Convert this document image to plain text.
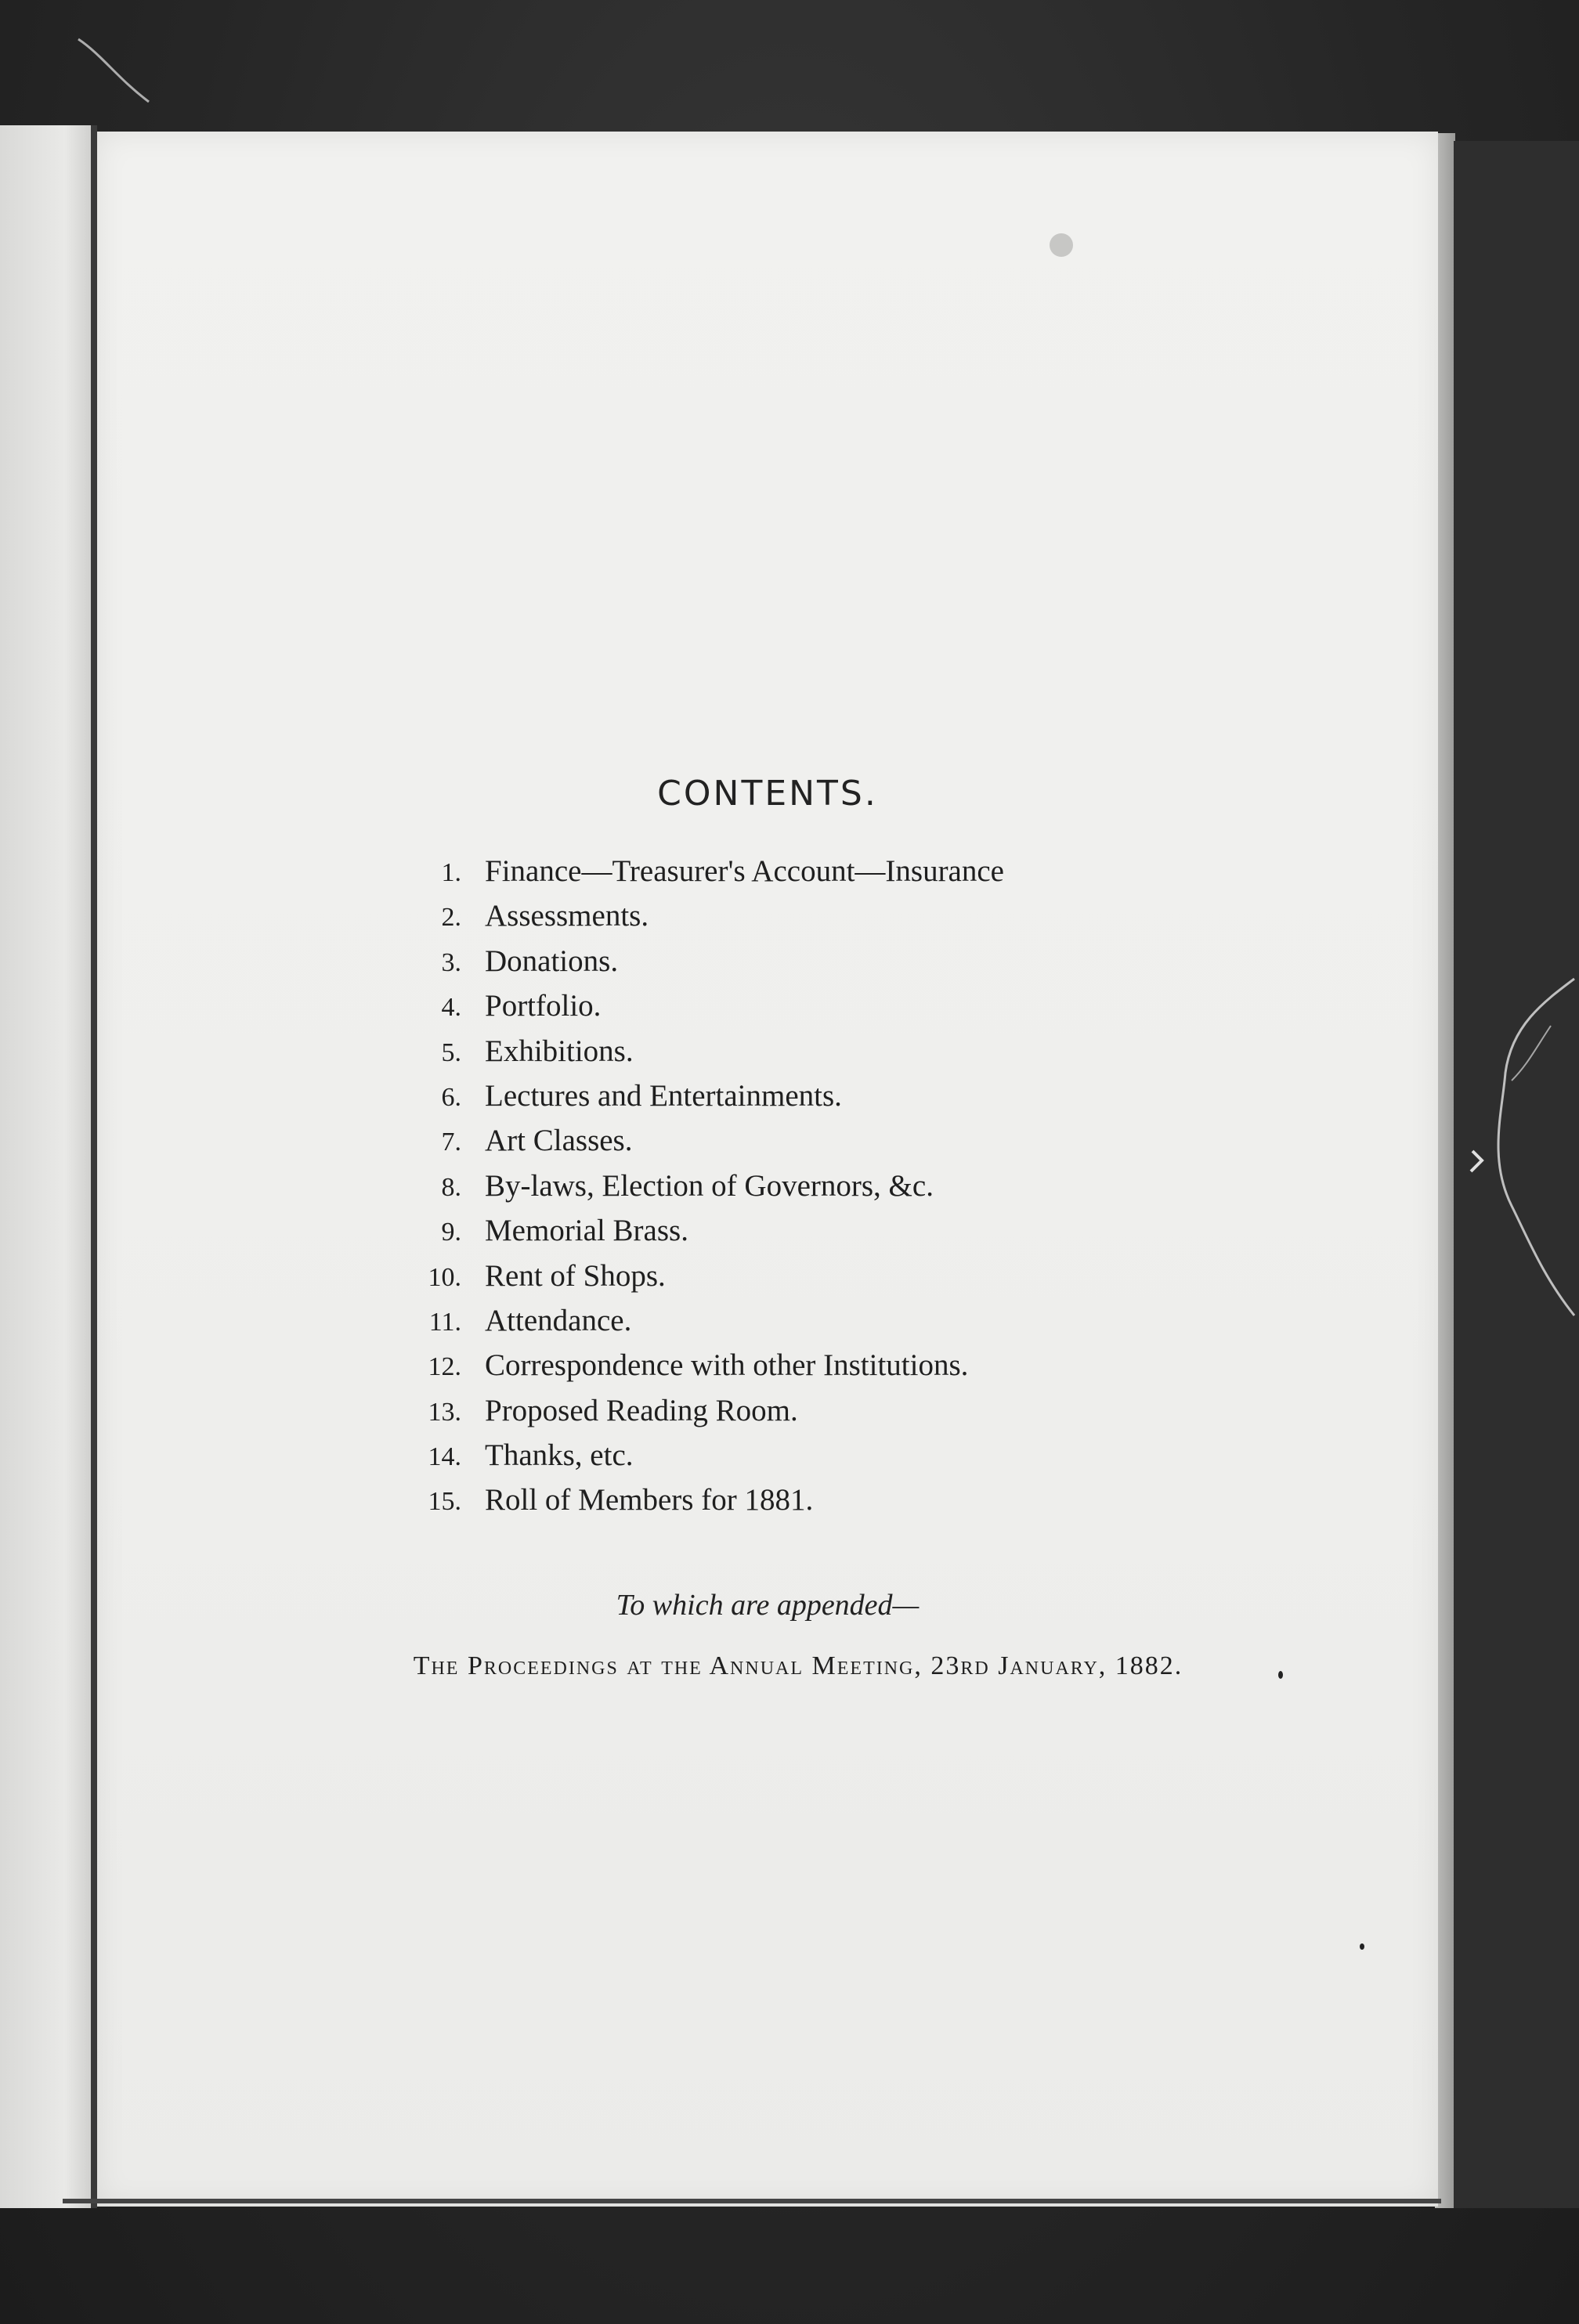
CONTENTS.
1. Finance—Treasurer's Account—Insurance
2. Assessments.
3. Donations.
4. Portfolio.
5. Exhibitions.
6. Lectures and Entertainments.
7. Art Classes.
8. By-laws, Election of Governors, &c.
9. Memorial Brass.
10. Rent of Shops.
11. Attendance.
12. Correspondence with other Institutions.
13. Proposed Reading Room.
14. Thanks, etc.
15. Roll of Members for 1881.
To which are appended—
The Proceedings at the Annual Meeting, 23rd January, 1882.
